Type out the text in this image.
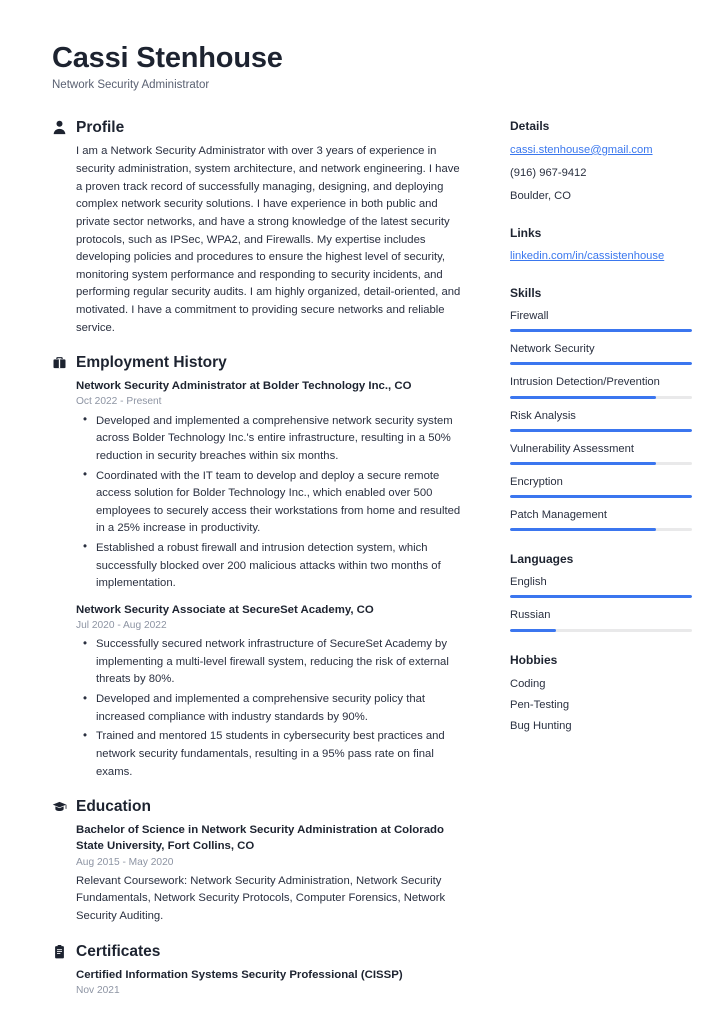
Cassi Stenhouse

Network Security Administrator

Profile

I am a Network Security Administrator with over 3 years of experience in security administration, system architecture, and network engineering. I have a proven track record of successfully managing, designing, and deploying complex network security solutions. I have experience in both public and private sector networks, and have a strong knowledge of the latest security protocols, such as IPSec, WPA2, and Firewalls. My expertise includes developing policies and procedures to ensure the highest level of security, monitoring system performance and responding to security incidents, and performing regular security audits. I am highly organized, detail-oriented, and motivated. I have a commitment to providing secure networks and reliable service.

Employment History
Network Security Administrator at Bolder Technology Inc., CO
Oct 2022 - Present
• Developed and implemented a comprehensive network security system across Bolder Technology Inc.'s entire infrastructure, resulting in a 50% reduction in security breaches within six months.
• Coordinated with the IT team to develop and deploy a secure remote access solution for Bolder Technology Inc., which enabled over 500 employees to securely access their workstations from home and resulted in a 25% increase in productivity.
• Established a robust firewall and intrusion detection system, which successfully blocked over 200 malicious attacks within two months of implementation.
Network Security Associate at SecureSet Academy, CO
Jul 2020 - Aug 2022
• Successfully secured network infrastructure of SecureSet Academy by implementing a multi-level firewall system, reducing the risk of external threats by 80%.
• Developed and implemented a comprehensive security policy that increased compliance with industry standards by 90%.
• Trained and mentored 15 students in cybersecurity best practices and network security fundamentals, resulting in a 95% pass rate on final exams.
Education
Bachelor of Science in Network Security Administration at Colorado State University, Fort Collins, CO
Aug 2015 - May 2020

Relevant Coursework: Network Security Administration, Network Security Fundamentals, Network Security Protocols, Computer Forensics, Network Security Auditing.

Certificates
Certified Information Systems Security Professional (CISSP)
Nov 2021
Details
cassi.stenhouse@gmail.com
(916) 967-9412
Boulder, CO
Links
linkedin.com/in/cassistenhouse
Skills
Firewall
Network Security
Intrusion Detection/Prevention
Risk Analysis
Vulnerability Assessment
Encryption
Patch Management
Languages
English
Russian
Hobbies
Coding
Pen-Testing
Bug Hunting
